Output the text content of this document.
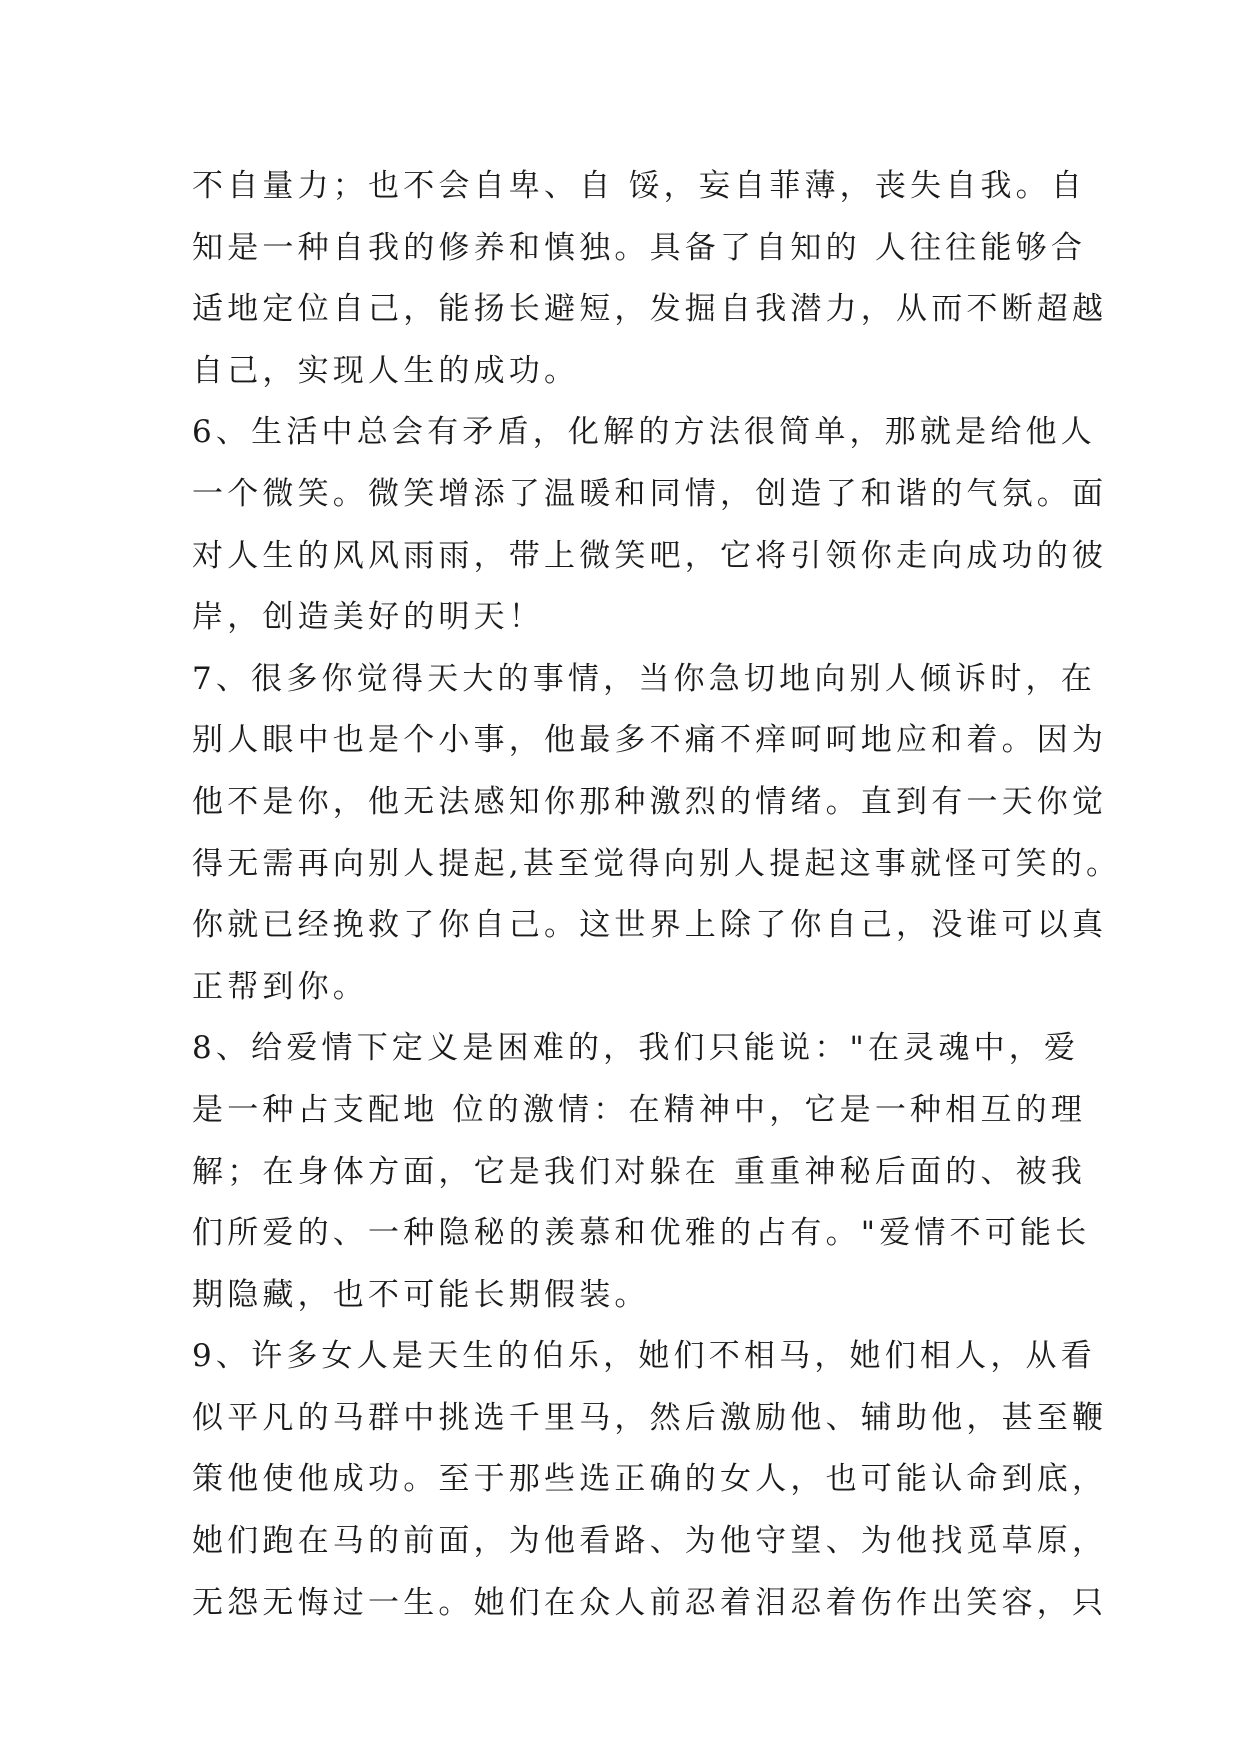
不自量力；也不会自卑、自 馁，妄自菲薄，丧失自我。自
知是一种自我的修养和慎独。具备了自知的 人往往能够合
适地定位自己，能扬长避短，发掘自我潜力，从而不断超越
自己，实现人生的成功。
6、生活中总会有矛盾，化解的方法很简单，那就是给他人
一个微笑。微笑增添了温暖和同情，创造了和谐的气氛。面
对人生的风风雨雨，带上微笑吧，它将引领你走向成功的彼
岸，创造美好的明天！
7、很多你觉得天大的事情，当你急切地向别人倾诉时，在
别人眼中也是个小事，他最多不痛不痒呵呵地应和着。因为
他不是你，他无法感知你那种激烈的情绪。直到有一天你觉
得无需再向别人提起,甚至觉得向别人提起这事就怪可笑的。
你就已经挽救了你自己。这世界上除了你自己，没谁可以真
正帮到你。
8、给爱情下定义是困难的，我们只能说："在灵魂中，爱
是一种占支配地 位的激情：在精神中，它是一种相互的理
解；在身体方面，它是我们对躲在 重重神秘后面的、被我
们所爱的、一种隐秘的羡慕和优雅的占有。"爱情不可能长
期隐藏，也不可能长期假装。
9、许多女人是天生的伯乐，她们不相马，她们相人，从看
似平凡的马群中挑选千里马，然后激励他、辅助他，甚至鞭
策他使他成功。至于那些选正确的女人，也可能认命到底，
她们跑在马的前面，为他看路、为他守望、为他找觅草原，
无怨无悔过一生。她们在众人前忍着泪忍着伤作出笑容，只
